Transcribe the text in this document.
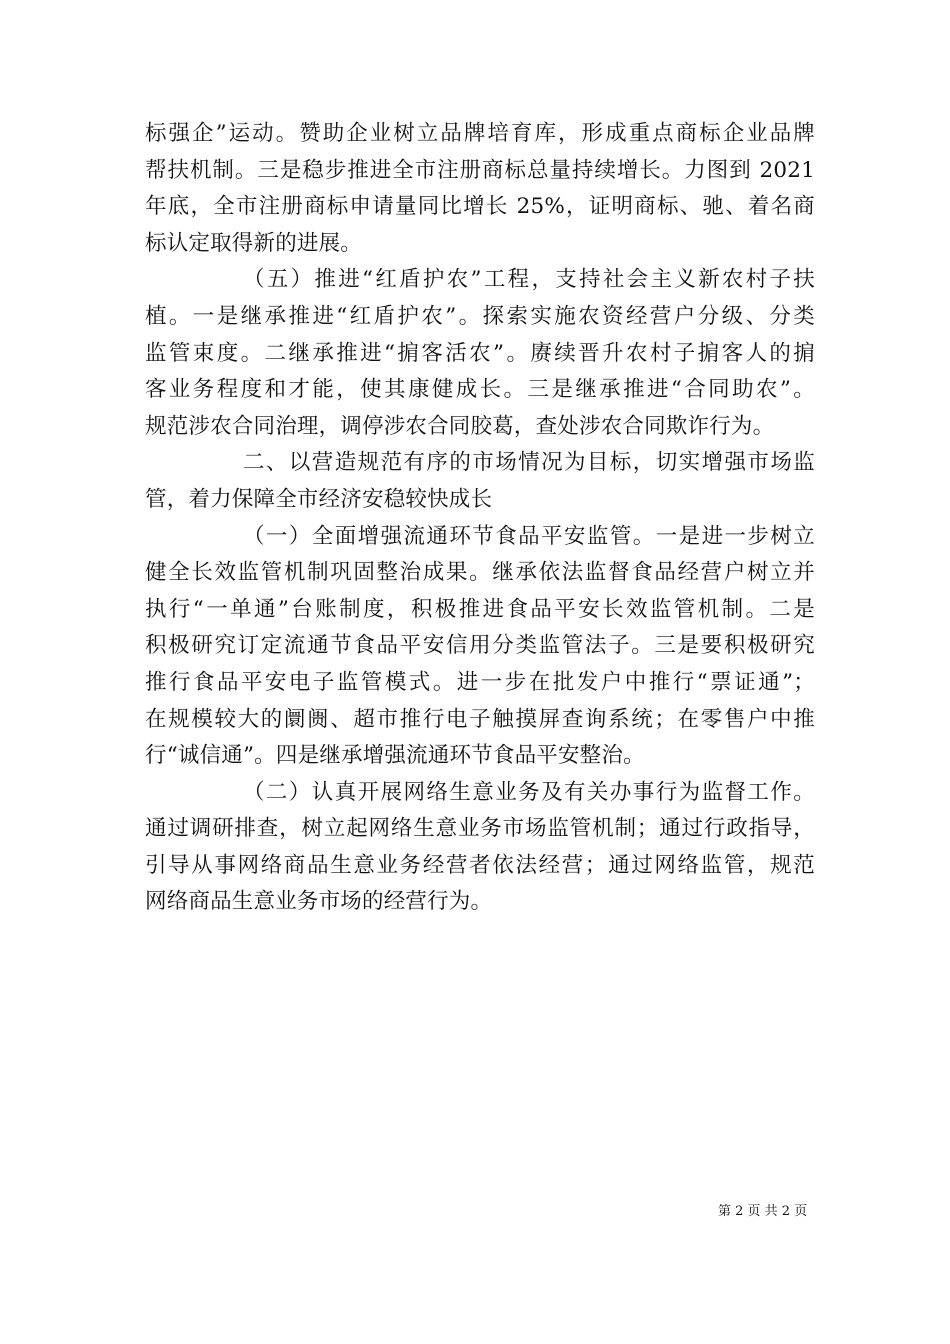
标强企”运动。赞助企业树立品牌培育库，形成重点商标企业品牌
帮扶机制。三是稳步推进全市注册商标总量持续增长。力图到 2021
年底，全市注册商标申请量同比增长 25%，证明商标、驰、着名商
标认定取得新的进展。
（五）推进“红盾护农”工程，支持社会主义新农村子扶
植。一是继承推进“红盾护农”。探索实施农资经营户分级、分类
监管束度。二继承推进“掮客活农”。赓续晋升农村子掮客人的掮
客业务程度和才能，使其康健成长。三是继承推进“合同助农”。
规范涉农合同治理，调停涉农合同胶葛，查处涉农合同欺诈行为。
二、以营造规范有序的市场情况为目标，切实增强市场监
管，着力保障全市经济安稳较快成长
（一）全面增强流通环节食品平安监管。一是进一步树立
健全长效监管机制巩固整治成果。继承依法监督食品经营户树立并
执行“一单通”台账制度，积极推进食品平安长效监管机制。二是
积极研究订定流通节食品平安信用分类监管法子。三是要积极研究
推行食品平安电子监管模式。进一步在批发户中推行“票证通”；
在规模较大的阛阓、超市推行电子触摸屏查询系统；在零售户中推
行“诚信通”。四是继承增强流通环节食品平安整治。
（二）认真开展网络生意业务及有关办事行为监督工作。
通过调研排查，树立起网络生意业务市场监管机制；通过行政指导，
引导从事网络商品生意业务经营者依法经营；通过网络监管，规范
网络商品生意业务市场的经营行为。
第 2 页 共 2 页
